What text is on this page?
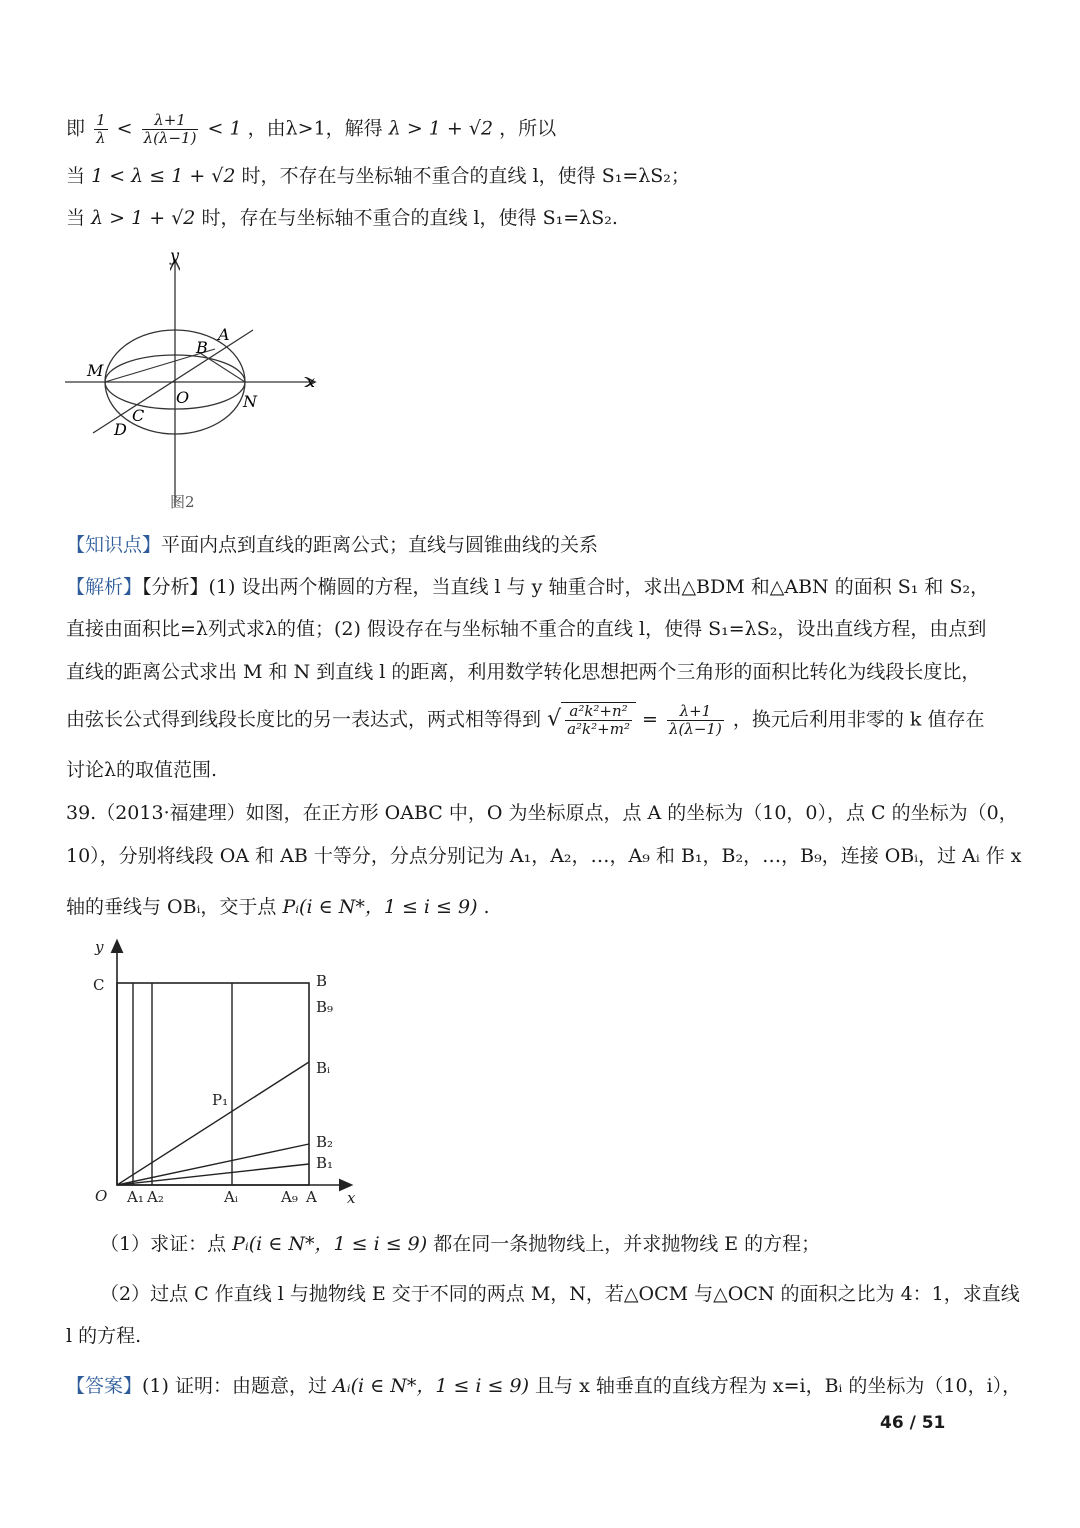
即 $\frac{1}{\lambda} < \frac{\lambda+1}{\lambda(\lambda-1)} < 1$ ，由λ>1，解得 λ > 1 + √2 ，所以
当 1 < λ ≤ 1 + √2 时，不存在与坐标轴不重合的直线 l，使得 S₁=λS₂；
当 λ > 1 + √2 时，存在与坐标轴不重合的直线 l，使得 S₁=λS₂.
y
x
M
N
O
A
B
C
D
图2
【知识点】平面内点到直线的距离公式；直线与圆锥曲线的关系
【解析】【分析】(1) 设出两个椭圆的方程，当直线 l 与 y 轴重合时，求出△BDM 和△ABN 的面积 S₁ 和 S₂，
直接由面积比=λ列式求λ的值；(2) 假设存在与坐标轴不重合的直线 l，使得 S₁=λS₂，设出直线方程，由点到
直线的距离公式求出 M 和 N 到直线 l 的距离，利用数学转化思想把两个三角形的面积比转化为线段长度比，
由弦长公式得到线段长度比的另一表达式，两式相等得到 √ $\frac{\text{a²k²+n²}}{\text{a²k²+m²}} = \frac{\lambda+1}{\lambda(\lambda-1)}$ ，换元后利用非零的 k 值存在
讨论λ的取值范围.
39.（2013·福建理）如图，在正方形 OABC 中，O 为坐标原点，点 A 的坐标为（10，0），点 C 的坐标为（0，
10），分别将线段 OA 和 AB 十等分，分点分别记为 A₁，A₂，…，A₉ 和 B₁，B₂，…，B₉，连接 OBᵢ，过 Aᵢ 作 x
轴的垂线与 OBᵢ，交于点 Pᵢ(i ∈ N*，1 ≤ i ≤ 9) .
y
x
C
O
B
B₉
Bᵢ
B₂
B₁
P₁
A₁ A₂	Aᵢ	A₉ A
（1）求证：点 Pᵢ(i ∈ N*，1 ≤ i ≤ 9) 都在同一条抛物线上，并求抛物线 E 的方程；
（2）过点 C 作直线 l 与抛物线 E 交于不同的两点 M，N，若△OCM 与△OCN 的面积之比为 4：1，求直线
l 的方程.
【答案】(1) 证明：由题意，过 Aᵢ(i ∈ N*，1 ≤ i ≤ 9) 且与 x 轴垂直的直线方程为 x=i，Bᵢ 的坐标为（10，i），
46 / 51
